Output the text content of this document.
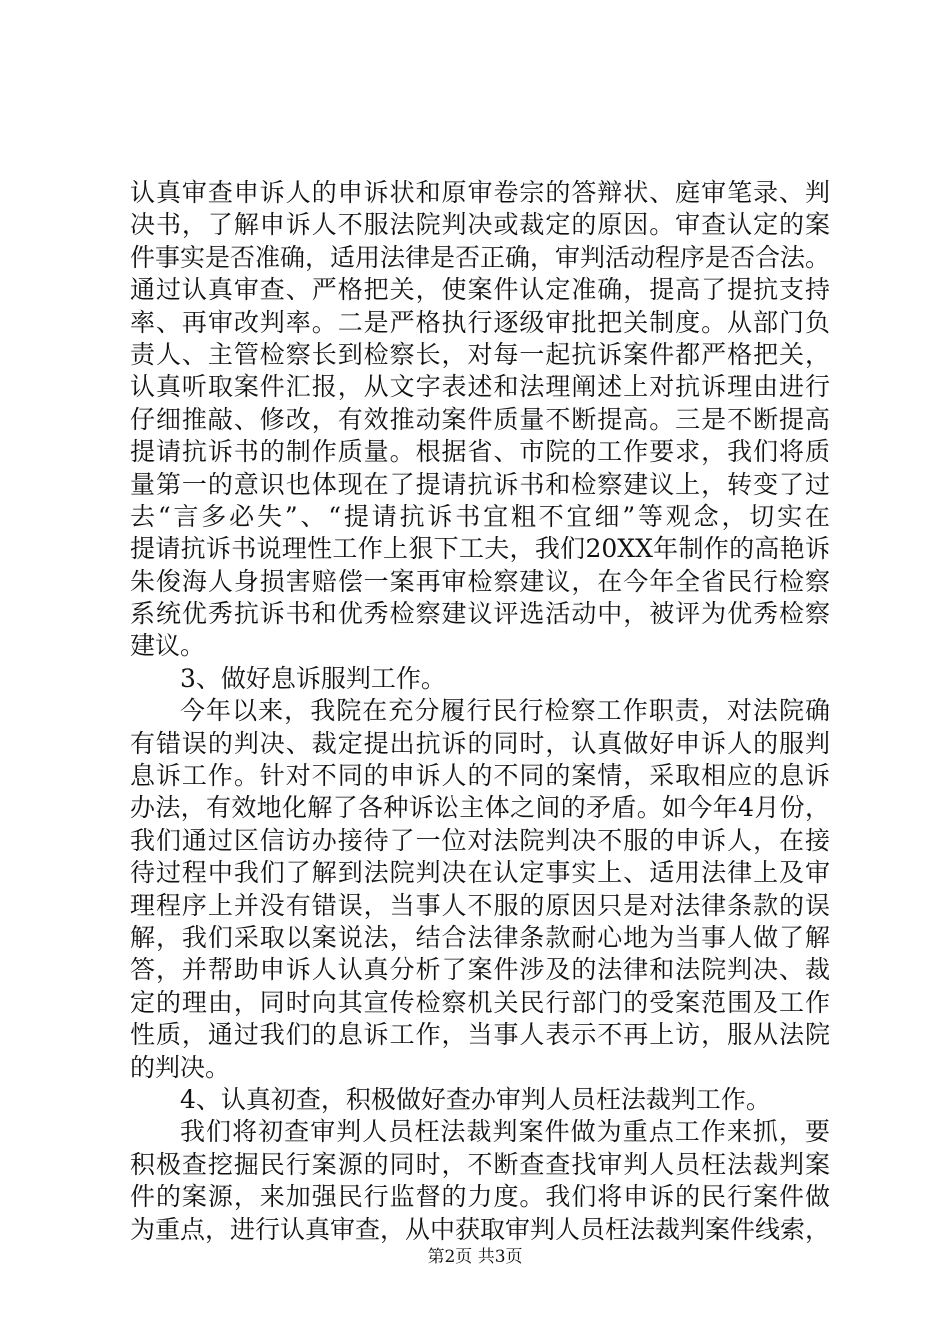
认真审查申诉人的申诉状和原审卷宗的答辩状、庭审笔录、判
决书，了解申诉人不服法院判决或裁定的原因。审查认定的案
件事实是否准确，适用法律是否正确，审判活动程序是否合法。
通过认真审查、严格把关，使案件认定准确，提高了提抗支持
率、再审改判率。二是严格执行逐级审批把关制度。从部门负
责人、主管检察长到检察长，对每一起抗诉案件都严格把关，
认真听取案件汇报，从文字表述和法理阐述上对抗诉理由进行
仔细推敲、修改，有效推动案件质量不断提高。三是不断提高
提请抗诉书的制作质量。根据省、市院的工作要求，我们将质
量第一的意识也体现在了提请抗诉书和检察建议上，转变了过
去“言多必失”、“提请抗诉书宜粗不宜细”等观念，切实在
提请抗诉书说理性工作上狠下工夫，我们20XX年制作的高艳诉
朱俊海人身损害赔偿一案再审检察建议，在今年全省民行检察
系统优秀抗诉书和优秀检察建议评选活动中，被评为优秀检察
建议。
3、做好息诉服判工作。
今年以来，我院在充分履行民行检察工作职责，对法院确
有错误的判决、裁定提出抗诉的同时，认真做好申诉人的服判
息诉工作。针对不同的申诉人的不同的案情，采取相应的息诉
办法，有效地化解了各种诉讼主体之间的矛盾。如今年4月份，
我们通过区信访办接待了一位对法院判决不服的申诉人，在接
待过程中我们了解到法院判决在认定事实上、适用法律上及审
理程序上并没有错误，当事人不服的原因只是对法律条款的误
解，我们采取以案说法，结合法律条款耐心地为当事人做了解
答，并帮助申诉人认真分析了案件涉及的法律和法院判决、裁
定的理由，同时向其宣传检察机关民行部门的受案范围及工作
性质，通过我们的息诉工作，当事人表示不再上访，服从法院
的判决。
4、认真初查，积极做好查办审判人员枉法裁判工作。
我们将初查审判人员枉法裁判案件做为重点工作来抓，要
积极查挖掘民行案源的同时，不断查查找审判人员枉法裁判案
件的案源，来加强民行监督的力度。我们将申诉的民行案件做
为重点，进行认真审查，从中获取审判人员枉法裁判案件线索，
第2页 共3页
